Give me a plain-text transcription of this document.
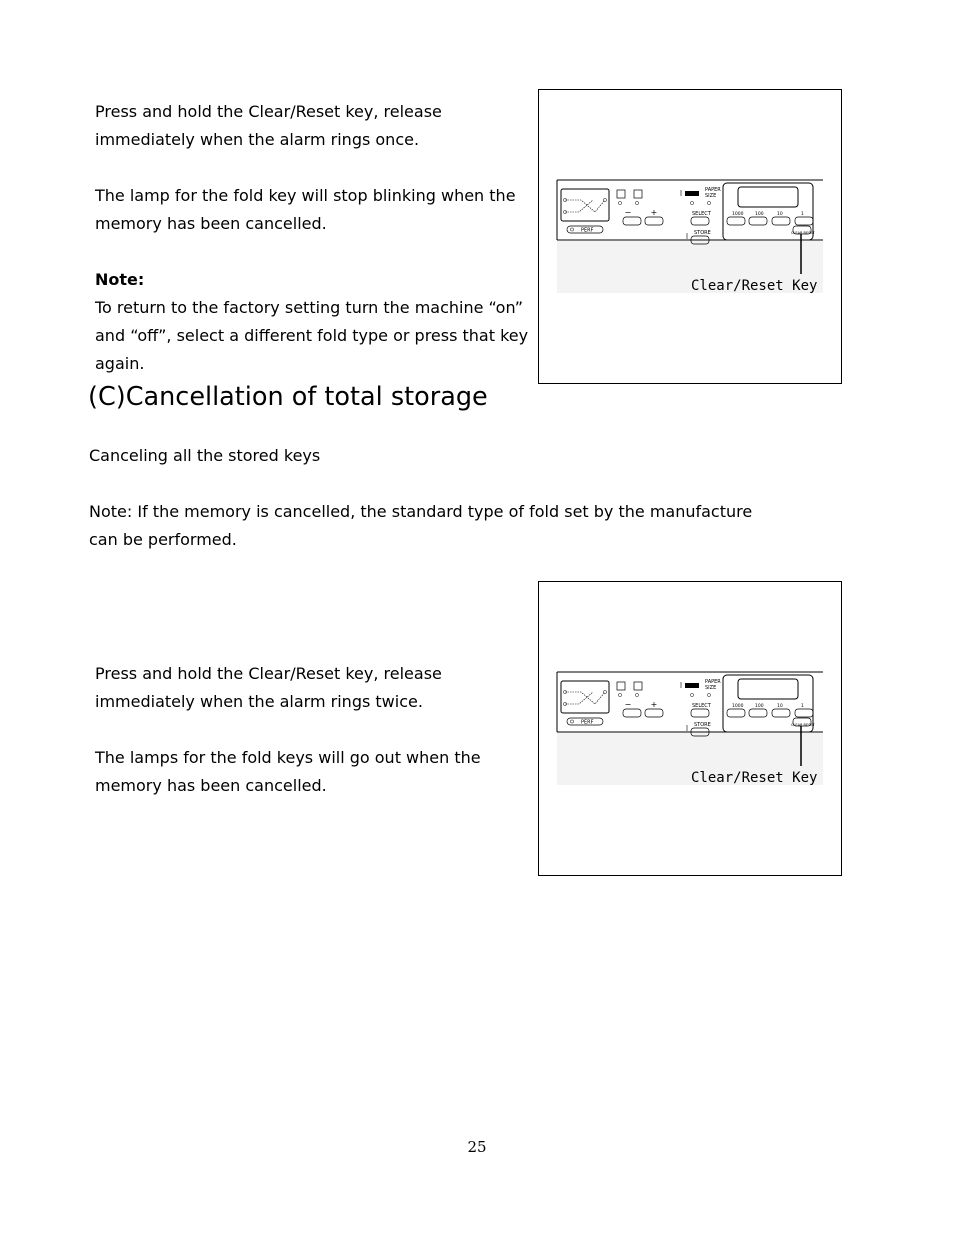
Press and hold the Clear/Reset key, release

immediately when the alarm rings once.

The lamp for the fold key will stop blinking when the

memory has been cancelled.

Note:

To return to the factory setting turn the machine “on”

and “off”, select a different fold type or press that key

again.

PERF
− +
PAPER
SIZE
SELECT
STORE
1000	100	10	1
CLEAR RESET
Clear/Reset Key
(C)Cancellation of total storage

Canceling all the stored keys

Note: If the memory is cancelled, the standard type of fold set by the manufacture

can be performed.

Press and hold the Clear/Reset key, release

immediately when the alarm rings twice.

The lamps for the fold keys will go out when the

memory has been cancelled.

PERF
− +
PAPER
SIZE
SELECT
STORE
1000	100	10	1
CLEAR RESET
Clear/Reset Key
25
